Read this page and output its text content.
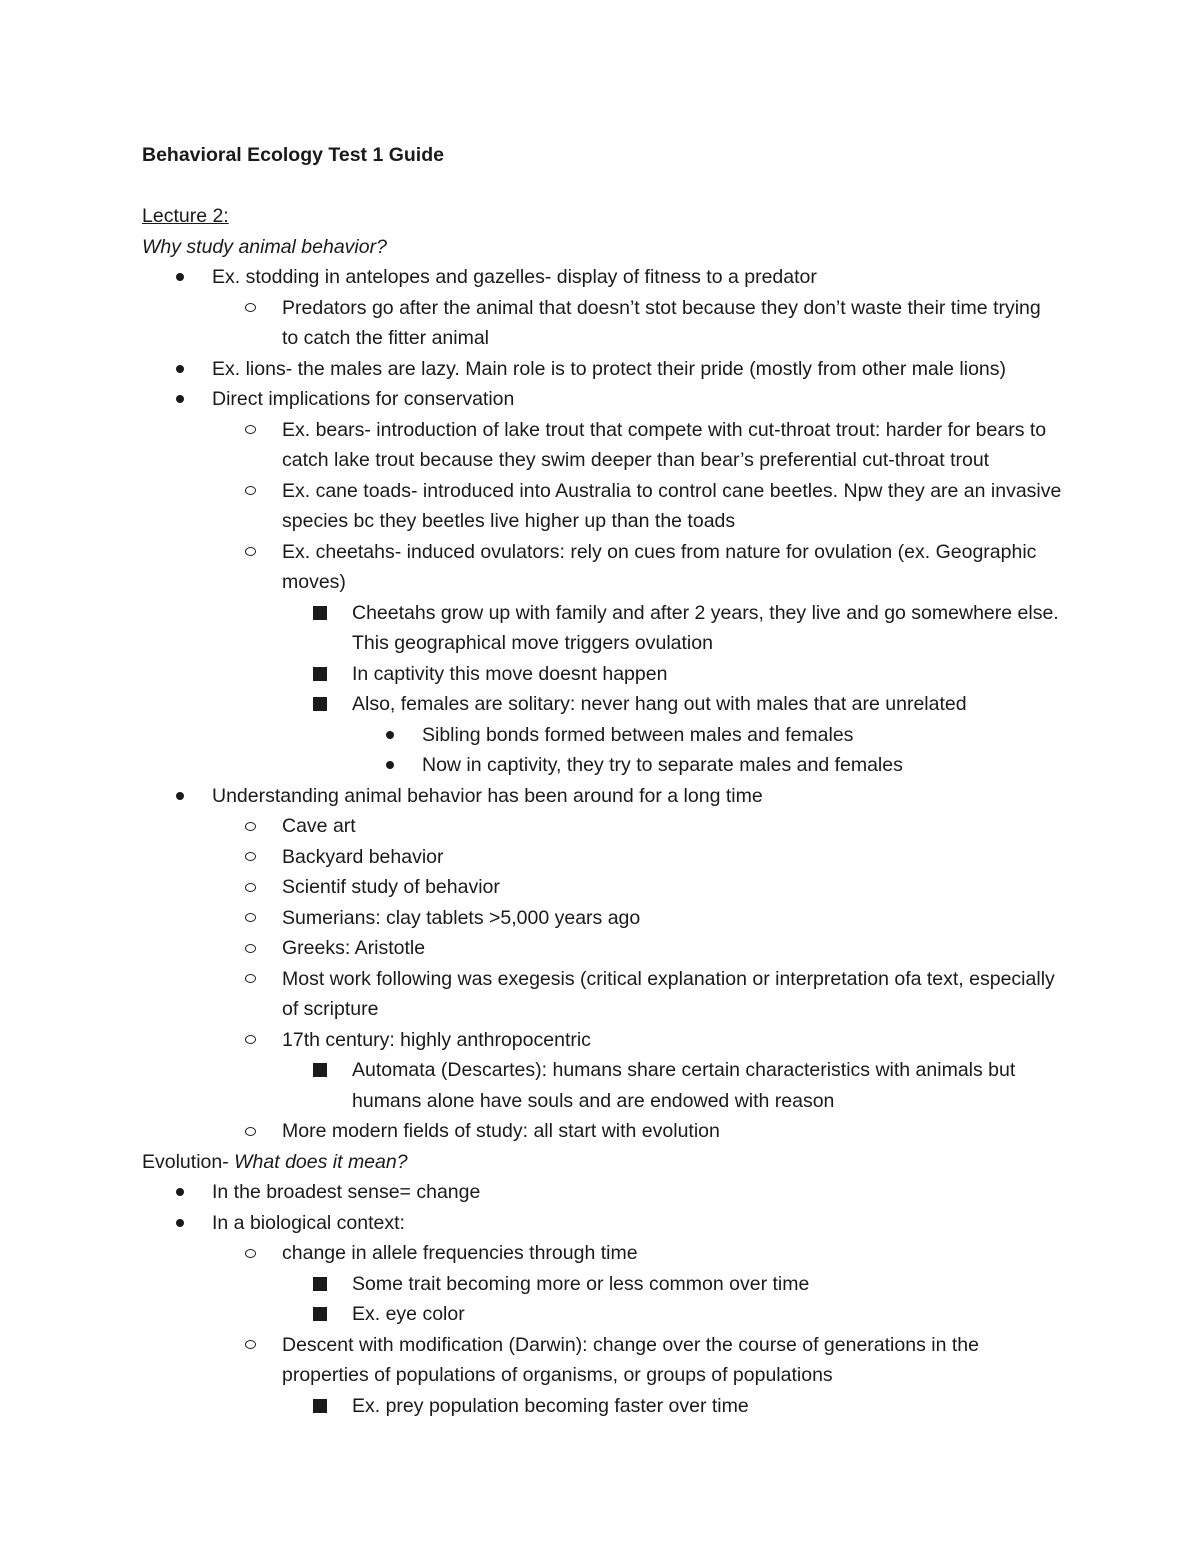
Behavioral Ecology Test 1 Guide
Lecture 2:
Why study animal behavior?
Ex. stodding in antelopes and gazelles- display of fitness to a predator
Predators go after the animal that doesn’t stot because they don’t waste their time trying to catch the fitter animal
Ex. lions- the males are lazy. Main role is to protect their pride (mostly from other male lions)
Direct implications for conservation
Ex. bears- introduction of lake trout that compete with cut-throat trout: harder for bears to catch lake trout because they swim deeper than bear’s preferential cut-throat trout
Ex. cane toads- introduced into Australia to control cane beetles. Npw they are an invasive species bc they beetles live higher up than the toads
Ex. cheetahs- induced ovulators: rely on cues from nature for ovulation (ex. Geographic moves)
Cheetahs grow up with family and after 2 years, they live and go somewhere else. This geographical move triggers ovulation
In captivity this move doesnt happen
Also, females are solitary: never hang out with males that are unrelated
Sibling bonds formed between males and females
Now in captivity, they try to separate males and females
Understanding animal behavior has been around for a long time
Cave art
Backyard behavior
Scientif study of behavior
Sumerians: clay tablets >5,000 years ago
Greeks: Aristotle
Most work following was exegesis (critical explanation or interpretation ofa text, especially of scripture
17th century: highly anthropocentric
Automata (Descartes): humans share certain characteristics with animals but humans alone have souls and are endowed with reason
More modern fields of study: all start with evolution
Evolution- What does it mean?
In the broadest sense= change
In a biological context:
change in allele frequencies through time
Some trait becoming more or less common over time
Ex. eye color
Descent with modification (Darwin): change over the course of generations in the properties of populations of organisms, or groups of populations
Ex. prey population becoming faster over time
